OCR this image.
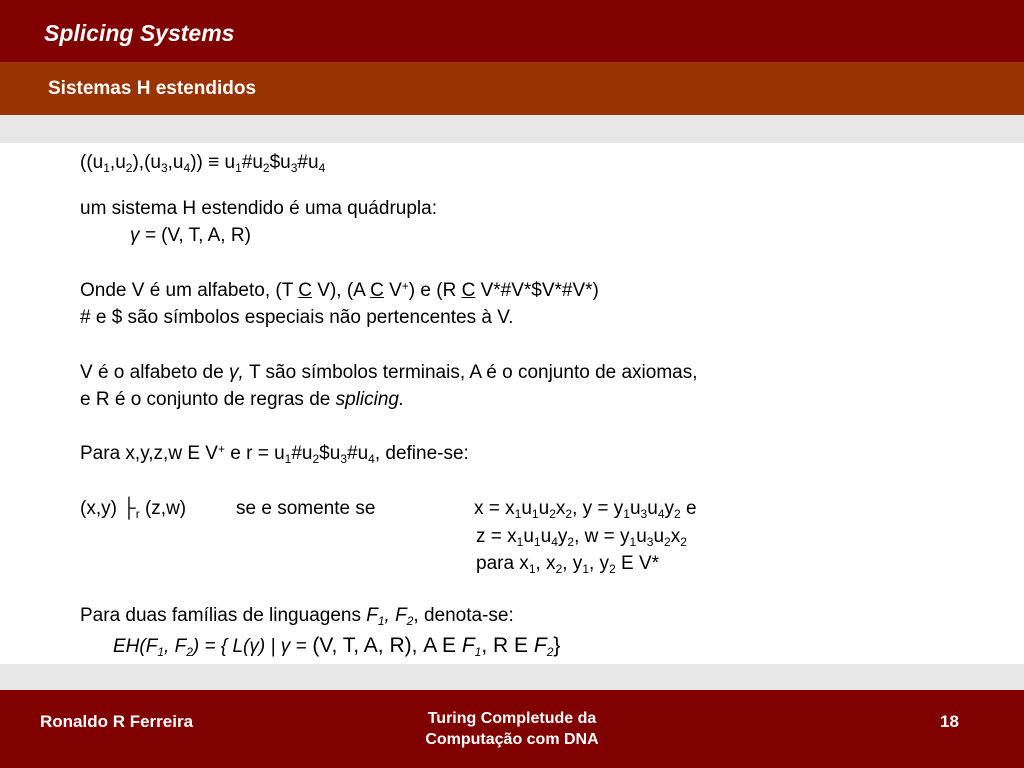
Splicing Systems
Sistemas H estendidos
$((u_1,u_2),(u_3,u_4))$ ≡ $u_1\#u_2\$u_3\#u_4$
um sistema H estendido é uma quádrupla:
γ = (V, T, A, R)
Onde V é um alfabeto, (T C V), (A C V+) e (R C V*#V*$V*#V*)
# e $ são símbolos especiais não pertencentes à V.
V é o alfabeto de γ, T são símbolos terminais, A é o conjunto de axiomas,
e R é o conjunto de regras de splicing.
Para x,y,z,w E V+ e $r = u_1\#u_2\$u_3\#u_4$, define-se:
(x,y) $├_r$ (z,w)	se e somente se	$x = x_1u_1u_2x_2$, $y = y_1u_3u_4y_2$ e
$z = x_1u_1u_4y_2$, $w = y_1u_3u_2x_2$
para $x_1$, $x_2$, $y_1$, $y_2$ E V*
Para duas famílias de linguagens $F_1$, $F_2$, denota-se:
$EH(F_1$, $F_2$) = { L(γ) | γ = (V, T, A, R), A E $F_1$, R E $F_2$}
Ronaldo R Ferreira	Turing Completude da
Computação com DNA
18
